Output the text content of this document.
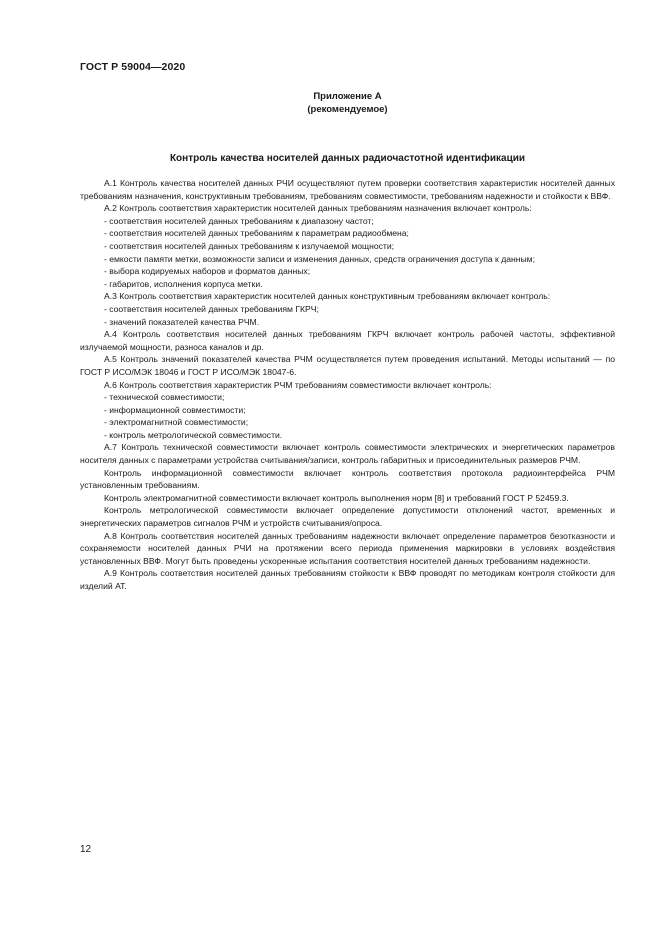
ГОСТ Р 59004—2020
Приложение А
(рекомендуемое)
Контроль качества носителей данных радиочастотной идентификации

А.1 Контроль качества носителей данных РЧИ осуществляют путем проверки соответствия характеристик носителей данных требованиям назначения, конструктивным требованиям, требованиям совместимости, требованиям надежности и стойкости к ВВФ.

А.2 Контроль соответствия характеристик носителей данных требованиям назначения включает контроль:

- соответствия носителей данных требованиям к диапазону частот;

- соответствия носителей данных требованиям к параметрам радиообмена;

- соответствия носителей данных требованиям к излучаемой мощности;

- емкости памяти метки, возможности записи и изменения данных, средств ограничения доступа к данным;

- выбора кодируемых наборов и форматов данных;

- габаритов, исполнения корпуса метки.

А.3 Контроль соответствия характеристик носителей данных конструктивным требованиям включает контроль:

- соответствия носителей данных требованиям ГКРЧ;

- значений показателей качества РЧМ.

А.4 Контроль соответствия носителей данных требованиям ГКРЧ включает контроль рабочей частоты, эффективной излучаемой мощности, разноса каналов и др.

А.5 Контроль значений показателей качества РЧМ осуществляется путем проведения испытаний. Методы испытаний — по ГОСТ Р ИСО/МЭК 18046 и ГОСТ Р ИСО/МЭК 18047-6.

А.6 Контроль соответствия характеристик РЧМ требованиям совместимости включает контроль:

- технической совместимости;

- информационной совместимости;

- электромагнитной совместимости;

- контроль метрологической совместимости.

А.7 Контроль технической совместимости включает контроль совместимости электрических и энергетических параметров носителя данных с параметрами устройства считывания/записи, контроль габаритных и присоединительных размеров РЧМ.

Контроль информационной совместимости включает контроль соответствия протокола радиоинтерфейса РЧМ установленным требованиям.

Контроль электромагнитной совместимости включает контроль выполнения норм [8] и требований ГОСТ Р 52459.3.

Контроль метрологической совместимости включает определение допустимости отклонений частот, временных и энергетических параметров сигналов РЧМ и устройств считывания/опроса.

А.8 Контроль соответствия носителей данных требованиям надежности включает определение параметров безотказности и сохраняемости носителей данных РЧИ на протяжении всего периода применения маркировки в условиях воздействия установленных ВВФ. Могут быть проведены ускоренные испытания соответствия носителей данных требованиям надежности.

А.9 Контроль соответствия носителей данных требованиям стойкости к ВВФ проводят по методикам контроля стойкости для изделий АТ.

12
